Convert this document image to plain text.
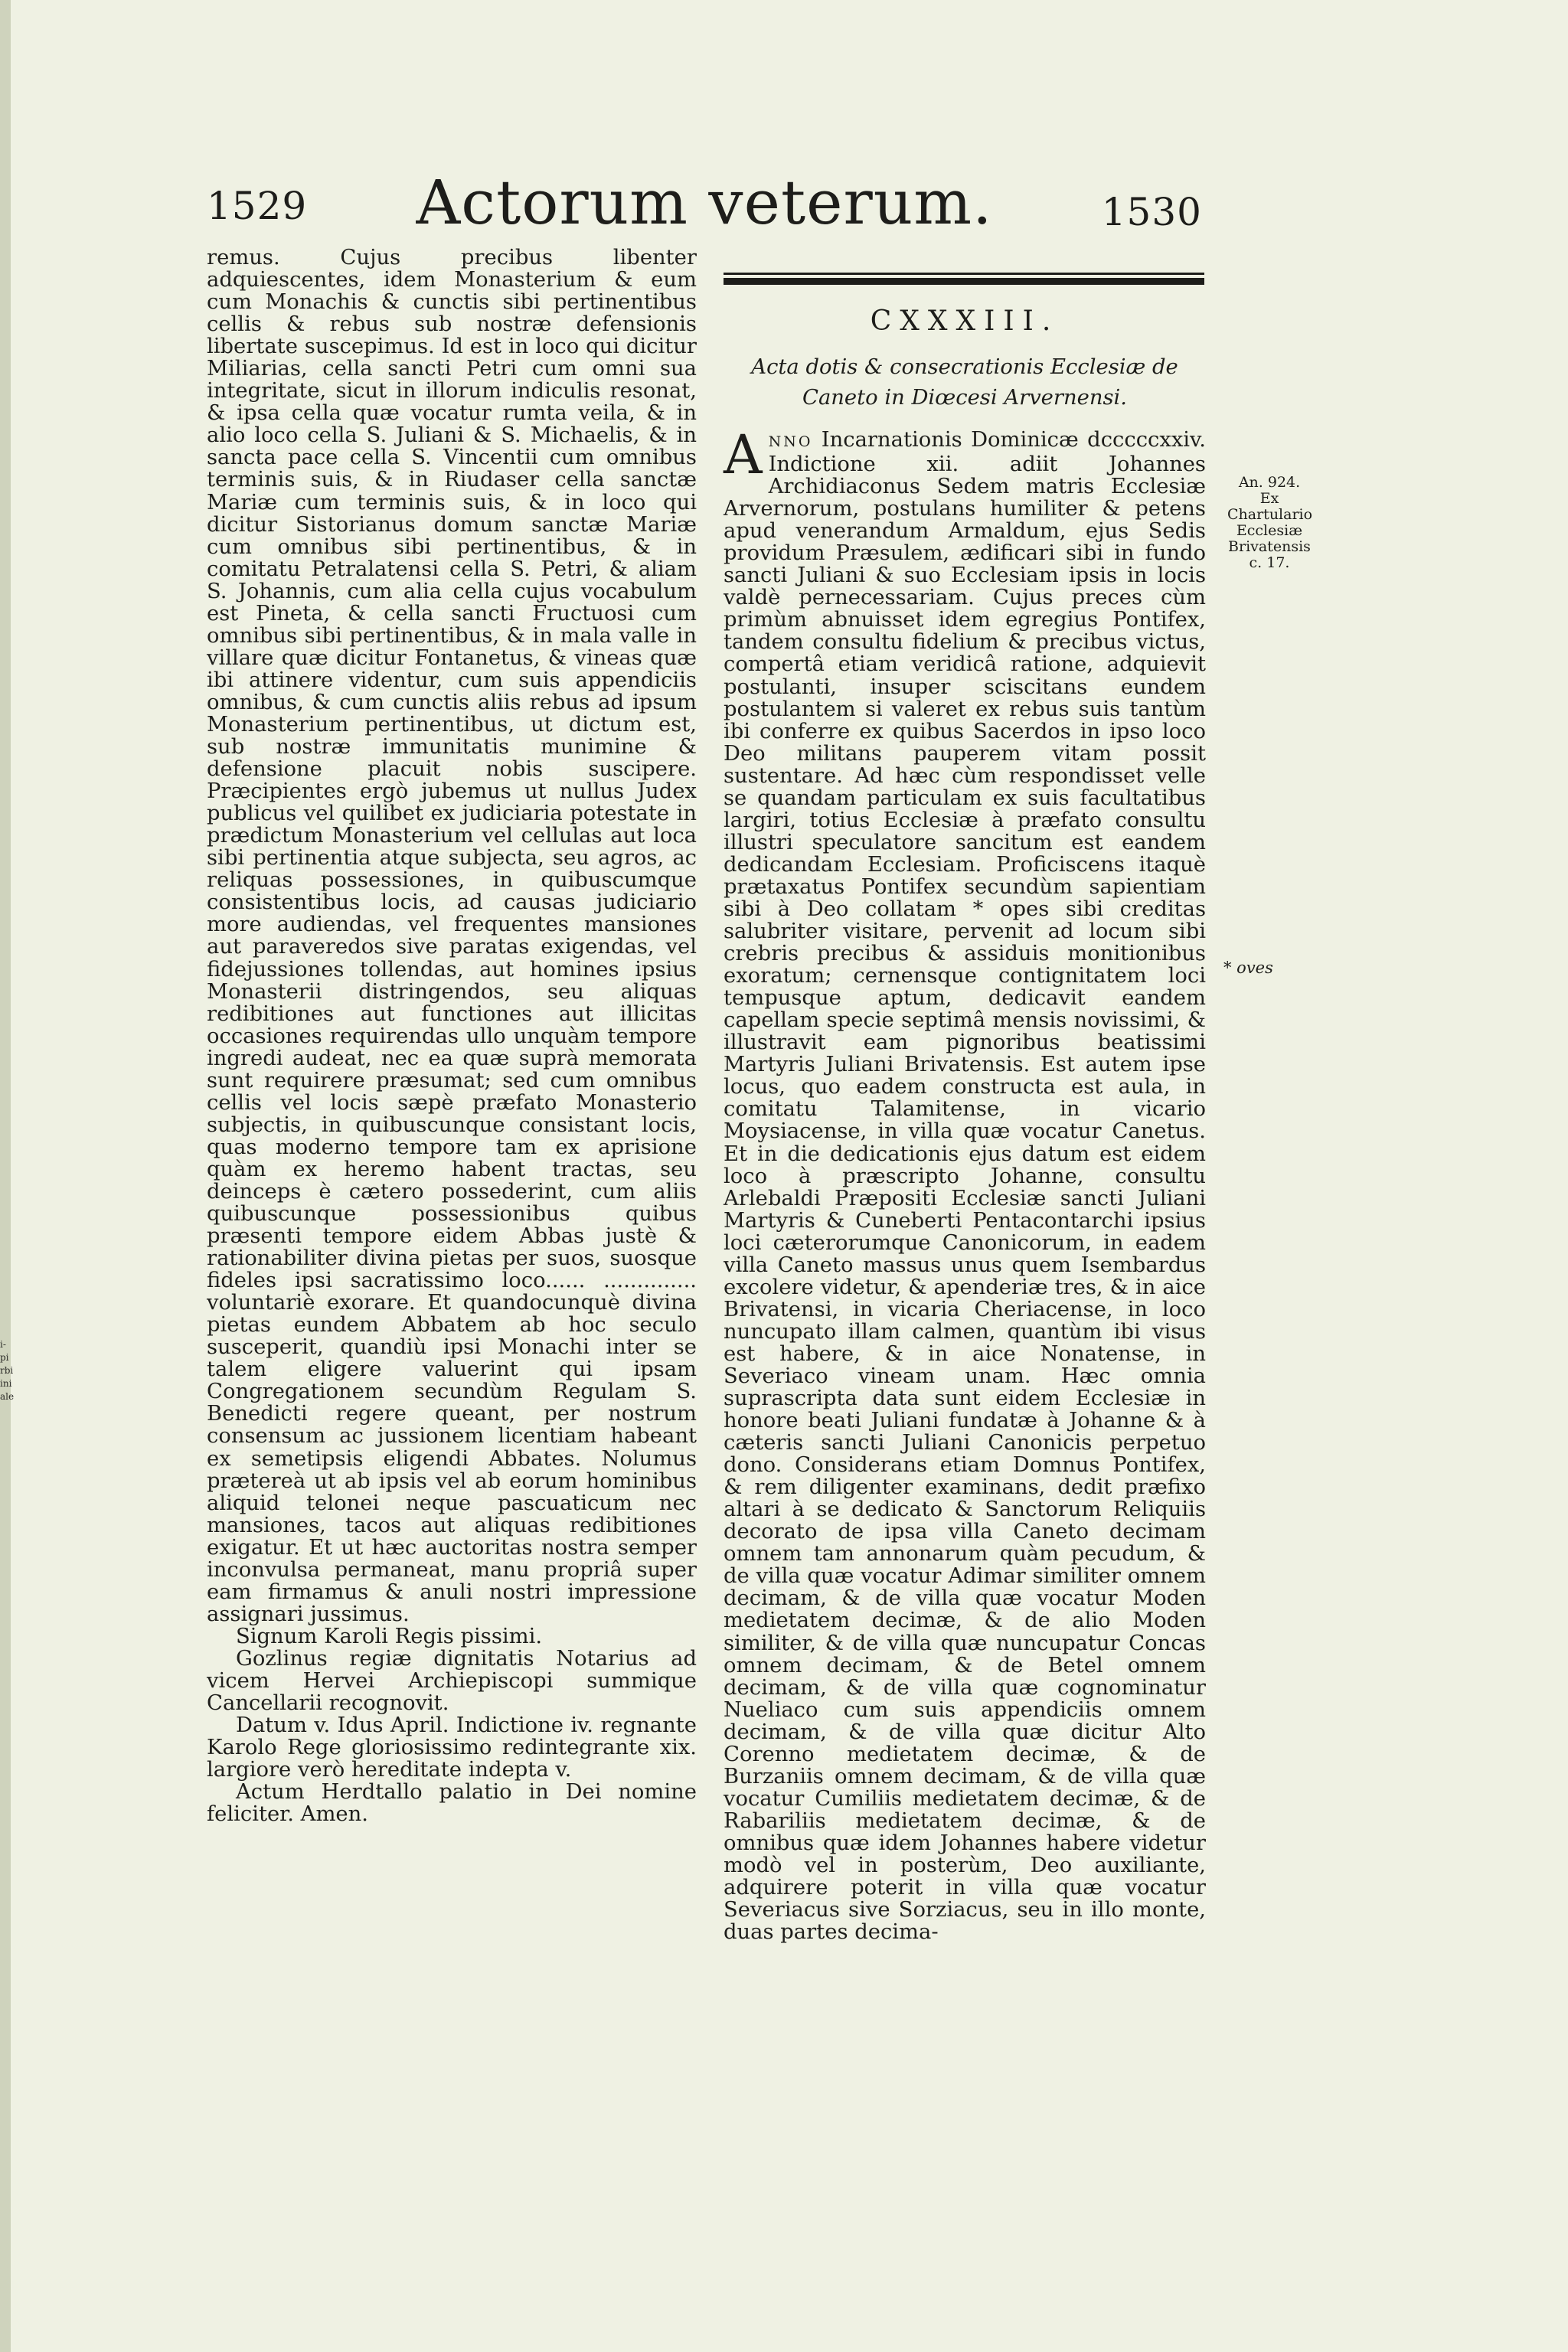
i-pi
rbi
ini
ale
1529	Actorum veterum.	1530

remus. Cujus precibus libenter adquiescentes, idem Monasterium & eum cum Monachis & cunctis sibi pertinentibus cellis & rebus sub nostræ defensionis libertate suscepimus. Id est in loco qui dicitur Miliarias, cella sancti Petri cum omni sua integritate, sicut in illorum indiculis resonat, & ipsa cella quæ vocatur rumta veila, & in alio loco cella S. Juliani & S. Michaelis, & in sancta pace cella S. Vincentii cum omnibus terminis suis, & in Riudaser cella sanctæ Mariæ cum terminis suis, & in loco qui dicitur Sistorianus domum sanctæ Mariæ cum omnibus sibi pertinentibus, & in comitatu Petralatensi cella S. Petri, & aliam S. Johannis, cum alia cella cujus vocabulum est Pineta, & cella sancti Fructuosi cum omnibus sibi pertinentibus, & in mala valle in villare quæ dicitur Fontanetus, & vineas quæ ibi attinere videntur, cum suis appendiciis omnibus, & cum cunctis aliis rebus ad ipsum Monasterium pertinentibus, ut dictum est, sub nostræ immunitatis munimine & defensione placuit nobis suscipere. Præcipientes ergò jubemus ut nullus Judex publicus vel quilibet ex judiciaria potestate in prædictum Monasterium vel cellulas aut loca sibi pertinentia atque subjecta, seu agros, ac reliquas possessiones, in quibuscumque consistentibus locis, ad causas judiciario more audiendas, vel frequentes mansiones aut paraveredos sive paratas exigendas, vel fidejussiones tollendas, aut homines ipsius Monasterii distringendos, seu aliquas redibitiones aut functiones aut illicitas occasiones requirendas ullo unquàm tempore ingredi audeat, nec ea quæ suprà memorata sunt requirere præsumat; sed cum omnibus cellis vel locis sæpè præfato Monasterio subjectis, in quibuscunque consistant locis, quas moderno tempore tam ex aprisione quàm ex heremo habent tractas, seu deinceps è cætero possederint, cum aliis quibuscunque possessionibus quibus præsenti tempore eidem Abbas justè & rationabiliter divina pietas per suos, suosque fideles ipsi sacratissimo loco...... .............. voluntariè exorare. Et quandocunquè divina pietas eundem Abbatem ab hoc seculo susceperit, quandiù ipsi Monachi inter se talem eligere valuerint qui ipsam Congregationem secundùm Regulam S. Benedicti regere queant, per nostrum consensum ac jussionem licentiam habeant ex semetipsis eligendi Abbates. Nolumus prætereà ut ab ipsis vel ab eorum hominibus aliquid telonei neque pascuaticum nec mansiones, tacos aut aliquas redibitiones exigatur. Et ut hæc auctoritas nostra semper inconvulsa permaneat, manu propriâ super eam firmamus & anuli nostri impressione assignari jussimus.

Signum Karoli Regis pissimi.

Gozlinus regiæ dignitatis Notarius ad vicem Hervei Archiepiscopi summique Cancellarii recognovit.

Datum v. Idus April. Indictione iv. regnante Karolo Rege gloriosissimo redintegrante xix. largiore verò hereditate indepta v.

Actum Herdtallo palatio in Dei nomine feliciter. Amen.

CXXXIII.
Acta dotis & consecrationis Ecclesiæ de Caneto in Diœcesi Arvernensi.

ANNO Incarnationis Dominicæ dcccccxxiv. Indictione xii. adiit Johannes Archidiaconus Sedem matris Ecclesiæ Arvernorum, postulans humiliter & petens apud venerandum Armaldum, ejus Sedis providum Præsulem, ædificari sibi in fundo sancti Juliani & suo Ecclesiam ipsis in locis valdè pernecessariam. Cujus preces cùm primùm abnuisset idem egregius Pontifex, tandem consultu fidelium & precibus victus, compertâ etiam veridicâ ratione, adquievit postulanti, insuper sciscitans eundem postulantem si valeret ex rebus suis tantùm ibi conferre ex quibus Sacerdos in ipso loco Deo militans pauperem vitam possit sustentare. Ad hæc cùm respondisset velle se quandam particulam ex suis facultatibus largiri, totius Ecclesiæ à præfato consultu illustri speculatore sancitum est eandem dedicandam Ecclesiam. Proficiscens itaquè prætaxatus Pontifex secundùm sapientiam sibi à Deo collatam * opes sibi creditas salubriter visitare, pervenit ad locum sibi crebris precibus & assiduis monitionibus exoratum; cernensque contignitatem loci tempusque aptum, dedicavit eandem capellam specie septimâ mensis novissimi, & illustravit eam pignoribus beatissimi Martyris Juliani Brivatensis. Est autem ipse locus, quo eadem constructa est aula, in comitatu Talamitense, in vicario Moysiacense, in villa quæ vocatur Canetus. Et in die dedicationis ejus datum est eidem loco à præscripto Johanne, consultu Arlebaldi Præpositi Ecclesiæ sancti Juliani Martyris & Cuneberti Pentacontarchi ipsius loci cæterorumque Canonicorum, in eadem villa Caneto massus unus quem Isembardus excolere videtur, & apenderiæ tres, & in aice Brivatensi, in vicaria Cheriacense, in loco nuncupato illam calmen, quantùm ibi visus est habere, & in aice Nonatense, in Severiaco vineam unam. Hæc omnia suprascripta data sunt eidem Ecclesiæ in honore beati Juliani fundatæ à Johanne & à cæteris sancti Juliani Canonicis perpetuo dono. Considerans etiam Domnus Pontifex, & rem diligenter examinans, dedit præfixo altari à se dedicato & Sanctorum Reliquiis decorato de ipsa villa Caneto decimam omnem tam annonarum quàm pecudum, & de villa quæ vocatur Adimar similiter omnem decimam, & de villa quæ vocatur Moden medietatem decimæ, & de alio Moden similiter, & de villa quæ nuncupatur Concas omnem decimam, & de Betel omnem decimam, & de villa quæ cognominatur Nueliaco cum suis appendiciis omnem decimam, & de villa quæ dicitur Alto Corenno medietatem decimæ, & de Burzaniis omnem decimam, & de villa quæ vocatur Cumiliis medietatem decimæ, & de Rabariliis medietatem decimæ, & de omnibus quæ idem Johannes habere videtur modò vel in posterùm, Deo auxiliante, adquirere poterit in villa quæ vocatur Severiacus sive Sorziacus, seu in illo monte, duas partes decima-

An. 924. Ex Chartulario Ecclesiæ Brivatensis c. 17.
* oves
